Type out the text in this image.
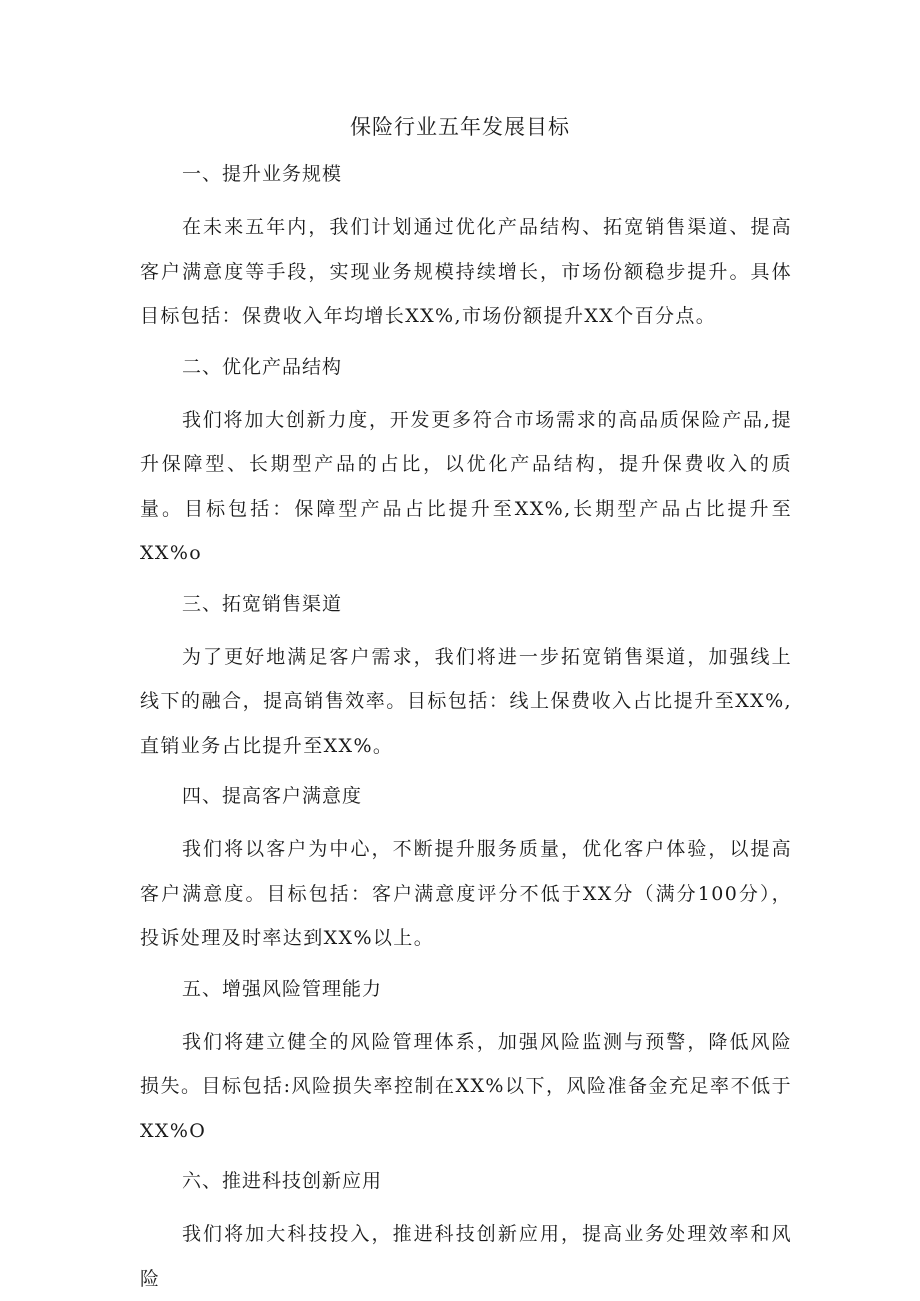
保险行业五年发展目标
一、提升业务规模

在未来五年内，我们计划通过优化产品结构、拓宽销售渠道、提高客户满意度等手段，实现业务规模持续增长，市场份额稳步提升。具体目标包括：保费收入年均增长XX%,市场份额提升XX个百分点。

二、优化产品结构

我们将加大创新力度，开发更多符合市场需求的高品质保险产品,提升保障型、长期型产品的占比，以优化产品结构，提升保费收入的质量。目标包括：保障型产品占比提升至XX%,长期型产品占比提升至XX%o

三、拓宽销售渠道

为了更好地满足客户需求，我们将进一步拓宽销售渠道，加强线上线下的融合，提高销售效率。目标包括：线上保费收入占比提升至XX%,直销业务占比提升至XX%。

四、提高客户满意度

我们将以客户为中心，不断提升服务质量，优化客户体验，以提高客户满意度。目标包括：客户满意度评分不低于XX分（满分100分），投诉处理及时率达到XX%以上。

五、增强风险管理能力

我们将建立健全的风险管理体系，加强风险监测与预警，降低风险损失。目标包括:风险损失率控制在XX%以下，风险准备金充足率不低于XX%O

六、推进科技创新应用

我们将加大科技投入，推进科技创新应用，提高业务处理效率和风险
